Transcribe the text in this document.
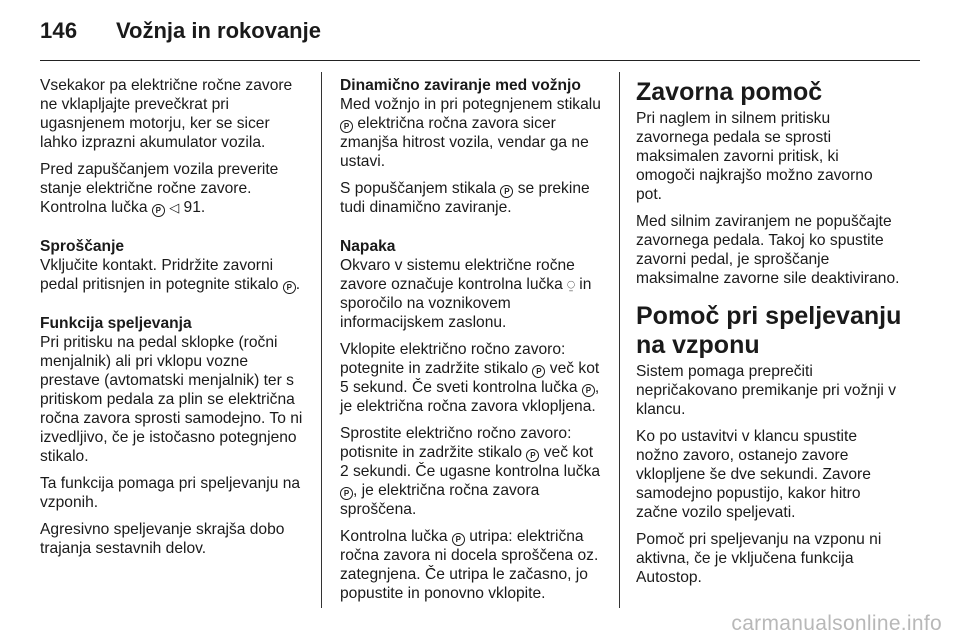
146 Vožnja in rokovanje

Vsekakor pa električne ročne zavore ne vklapljajte prevečkrat pri ugasnjenem motorju, ker se sicer lahko izprazni akumulator vozila.

Pred zapuščanjem vozila preverite stanje električne ročne zavore. Kontrolna lučka P ◁ 91.

Sproščanje

Vključite kontakt. Pridržite zavorni pedal pritisnjen in potegnite stikalo P .

Funkcija speljevanja

Pri pritisku na pedal sklopke (ročni menjalnik) ali pri vklopu vozne prestave (avtomatski menjalnik) ter s pritiskom pedala za plin se električna ročna zavora sprosti samodejno. To ni izvedljivo, če je istočasno potegnjeno stikalo.

Ta funkcija pomaga pri speljevanju na vzponih.

Agresivno speljevanje skrajša dobo trajanja sestavnih delov.

Dinamično zaviranje med vožnjo

Med vožnjo in pri potegnjenem stikalu P električna ročna zavora sicer zmanjša hitrost vozila, vendar ga ne ustavi.

S popuščanjem stikala P se prekine tudi dinamično zaviranje.

Napaka

Okvaro v sistemu električne ročne zavore označuje kontrolna lučka ⍜ in sporočilo na voznikovem informacijskem zaslonu.

Vklopite električno ročno zavoro: potegnite in zadržite stikalo P več kot 5 sekund. Če sveti kontrolna lučka P , je električna ročna zavora vklopljena.

Sprostite električno ročno zavoro: potisnite in zadržite stikalo P več kot 2 sekundi. Če ugasne kontrolna lučka P , je električna ročna zavora sproščena.

Kontrolna lučka P utripa: električna ročna zavora ni docela sproščena oz. zategnjena. Če utripa le začasno, jo popustite in ponovno vklopite.

Zavorna pomoč

Pri naglem in silnem pritisku zavornega pedala se sprosti maksimalen zavorni pritisk, ki omogoči najkrajšo možno zavorno pot.

Med silnim zaviranjem ne popuščajte zavornega pedala. Takoj ko spustite zavorni pedal, je sproščanje maksimalne zavorne sile deaktivirano.

Pomoč pri speljevanju na vzponu

Sistem pomaga preprečiti nepričakovano premikanje pri vožnji v klancu.

Ko po ustavitvi v klancu spustite nožno zavoro, ostanejo zavore vklopljene še dve sekundi. Zavore samodejno popustijo, kakor hitro začne vozilo speljevati.

Pomoč pri speljevanju na vzponu ni aktivna, če je vključena funkcija Autostop.

carmanualsonline.info
